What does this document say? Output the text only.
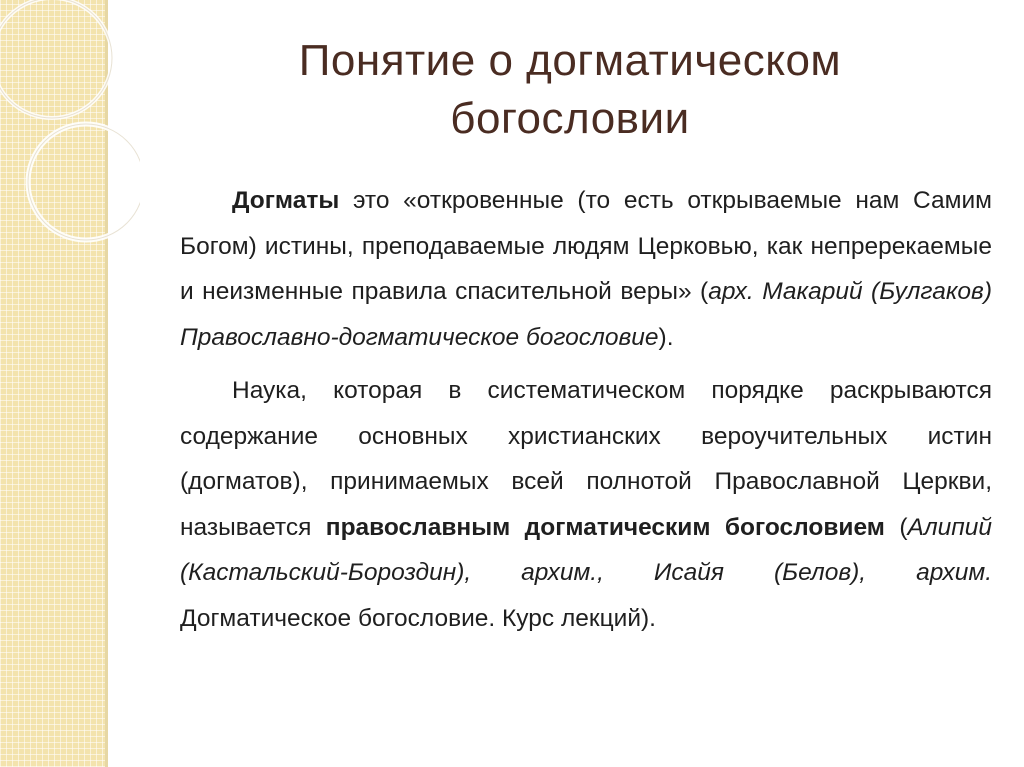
Понятие о догматическом
богословии

Догматы это «откровенные (то есть открываемые нам Самим Богом) истины, преподаваемые людям Церковью, как непререкаемые и неизменные правила спасительной веры» (арх. Макарий (Булгаков) Православно-догматическое богословие).

Наука, которая в систематическом порядке раскрываются содержание основных христианских вероучительных истин (догматов), принимаемых всей полнотой Православной Церкви, называется православным догматическим богословием (Алипий (Кастальский-Бороздин), архим., Исайя (Белов), архим. Догматическое богословие. Курс лекций).
